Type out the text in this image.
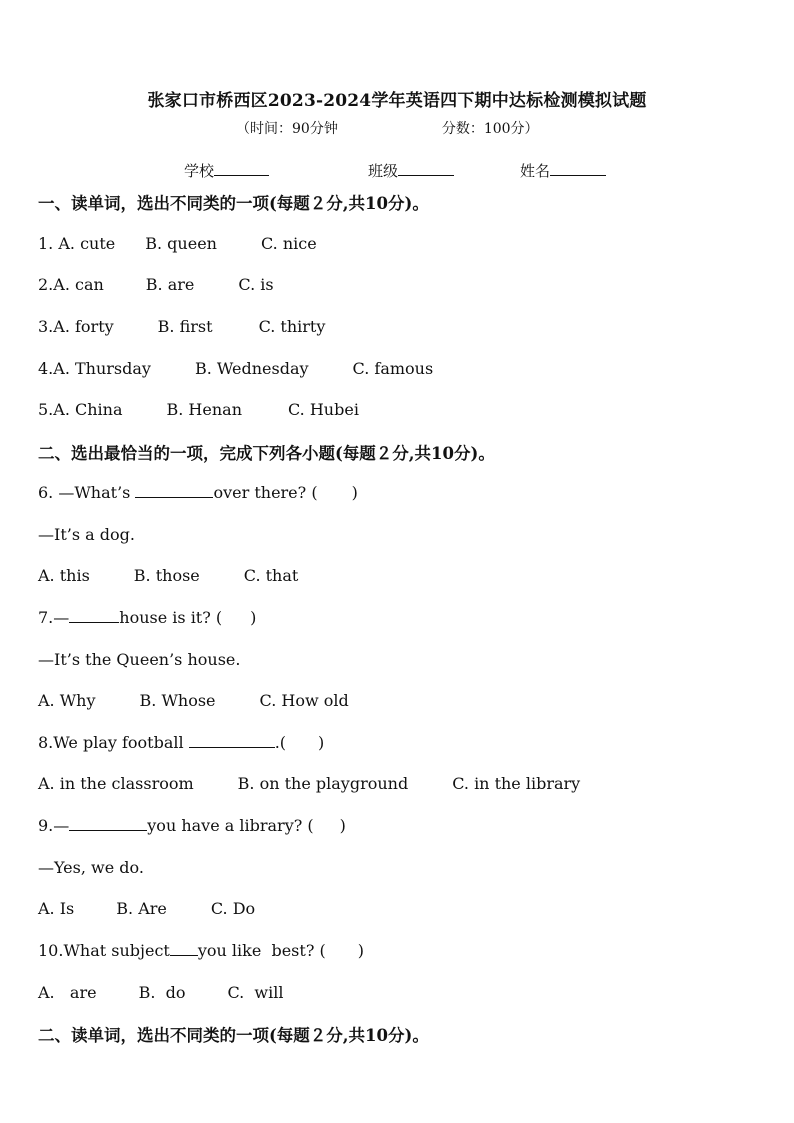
张家口市桥西区2023-2024学年英语四下期中达标检测模拟试题
（时间：90分钟	分数：100分）
学校	班级	姓名
一、读单词，选出不同类的一项(每题２分,共10分)。
1. A. cute B. queen	C. nice
2.A. can	B. are	C. is
3.A. forty	B. first	C. thirty
4.A. Thursday	B. Wednesday	C. famous
5.A. China	B. Henan	C. Hubei
二、选出最恰当的一项，完成下列各小题(每题２分,共10分)。
6. —What’s	over there? ( )
—It’s a dog.
A. this	B. those	C. that
7.—	house is it? ( )
—It’s the Queen’s house.
A. Why	B. Whose	C. How old
8.We play football	.( )
A. in the classroom	B. on the playground	C. in the library
9.—	you have a library? ( )
—Yes, we do.
A. Is	B. Are	C. Do
10.What subject you like  best? ( )
A.   are	B.  do	C.  will
二、读单词，选出不同类的一项(每题２分,共10分)。
